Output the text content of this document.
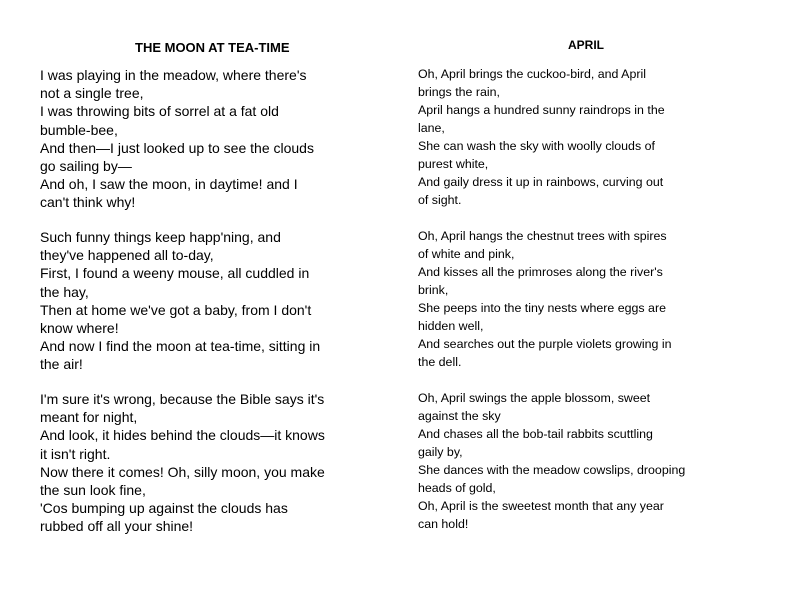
THE MOON AT TEA-TIME
I was playing in the meadow, where there's
not a single tree,
I was throwing bits of sorrel at a fat old
bumble-bee,
And then—I just looked up to see the clouds
go sailing by—
And oh, I saw the moon, in daytime! and I
can't think why!
Such funny things keep happ'ning, and
they've happened all to-day,
First, I found a weeny mouse, all cuddled in
the hay,
Then at home we've got a baby, from I don't
know where!
And now I find the moon at tea-time, sitting in
the air!
I'm sure it's wrong, because the Bible says it's
meant for night,
And look, it hides behind the clouds—it knows
it isn't right.
Now there it comes! Oh, silly moon, you make
the sun look fine,
'Cos bumping up against the clouds has
rubbed off all your shine!
APRIL
Oh, April brings the cuckoo-bird, and April
brings the rain,
April hangs a hundred sunny raindrops in the
lane,
She can wash the sky with woolly clouds of
purest white,
And gaily dress it up in rainbows, curving out
of sight.
Oh, April hangs the chestnut trees with spires
of white and pink,
And kisses all the primroses along the river's
brink,
She peeps into the tiny nests where eggs are
hidden well,
And searches out the purple violets growing in
the dell.
Oh, April swings the apple blossom, sweet
against the sky
And chases all the bob-tail rabbits scuttling
gaily by,
She dances with the meadow cowslips, drooping
heads of gold,
Oh, April is the sweetest month that any year
can hold!
